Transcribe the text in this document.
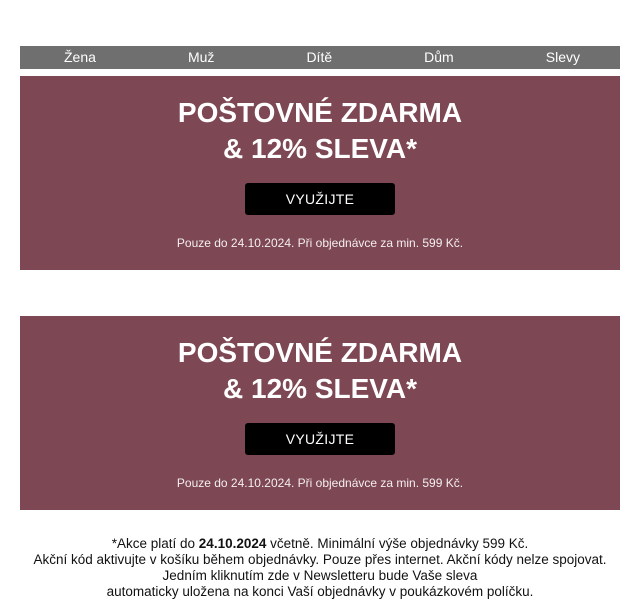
Žena	Muž	Dítě	Dům	Slevy
POŠTOVNÉ ZDARMA
& 12% SLEVA*
VYUŽIJTE
Pouze do 24.10.2024. Při objednávce za min. 599 Kč.
POŠTOVNÉ ZDARMA
& 12% SLEVA*
VYUŽIJTE
Pouze do 24.10.2024. Při objednávce za min. 599 Kč.

*Akce platí do 24.10.2024 včetně. Minimální výše objednávky 599 Kč.

Akční kód aktivujte v košíku během objednávky. Pouze přes internet. Akční kódy nelze spojovat.

Jedním kliknutím zde v Newsletteru bude Vaše sleva

automaticky uložena na konci Vaší objednávky v poukázkovém políčku.
